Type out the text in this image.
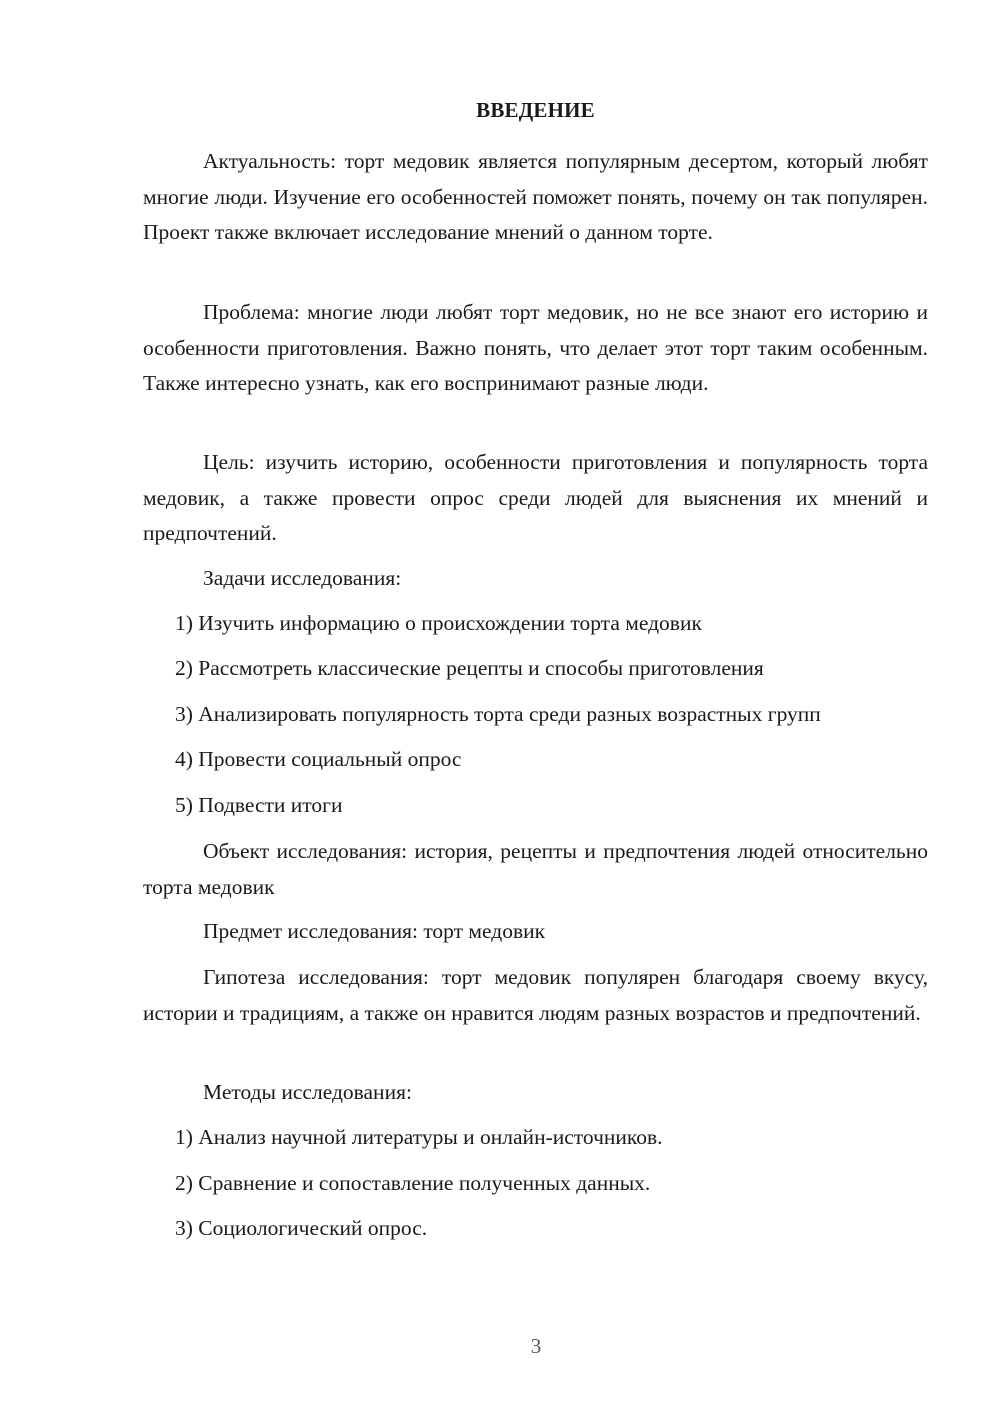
ВВЕДЕНИЕ

Актуальность: торт медовик является популярным десертом, который любят многие люди. Изучение его особенностей поможет понять, почему он так популярен. Проект также включает исследование мнений о данном торте.

Проблема: многие люди любят торт медовик, но не все знают его историю и особенности приготовления. Важно понять, что делает этот торт таким особенным. Также интересно узнать, как его воспринимают разные люди.

Цель: изучить историю, особенности приготовления и популярность торта медовик, а также провести опрос среди людей для выяснения их мнений и предпочтений.

Задачи исследования:

1) Изучить информацию о происхождении торта медовик

2) Рассмотреть классические рецепты и способы приготовления

3) Анализировать популярность торта среди разных возрастных групп

4) Провести социальный опрос

5) Подвести итоги

Объект исследования: история, рецепты и предпочтения людей относительно торта медовик

Предмет исследования: торт медовик

Гипотеза исследования: торт медовик популярен благодаря своему вкусу, истории и традициям, а также он нравится людям разных возрастов и предпочтений.

Методы исследования:

1) Анализ научной литературы и онлайн-источников.

2) Сравнение и сопоставление полученных данных.

3) Социологический опрос.

3
